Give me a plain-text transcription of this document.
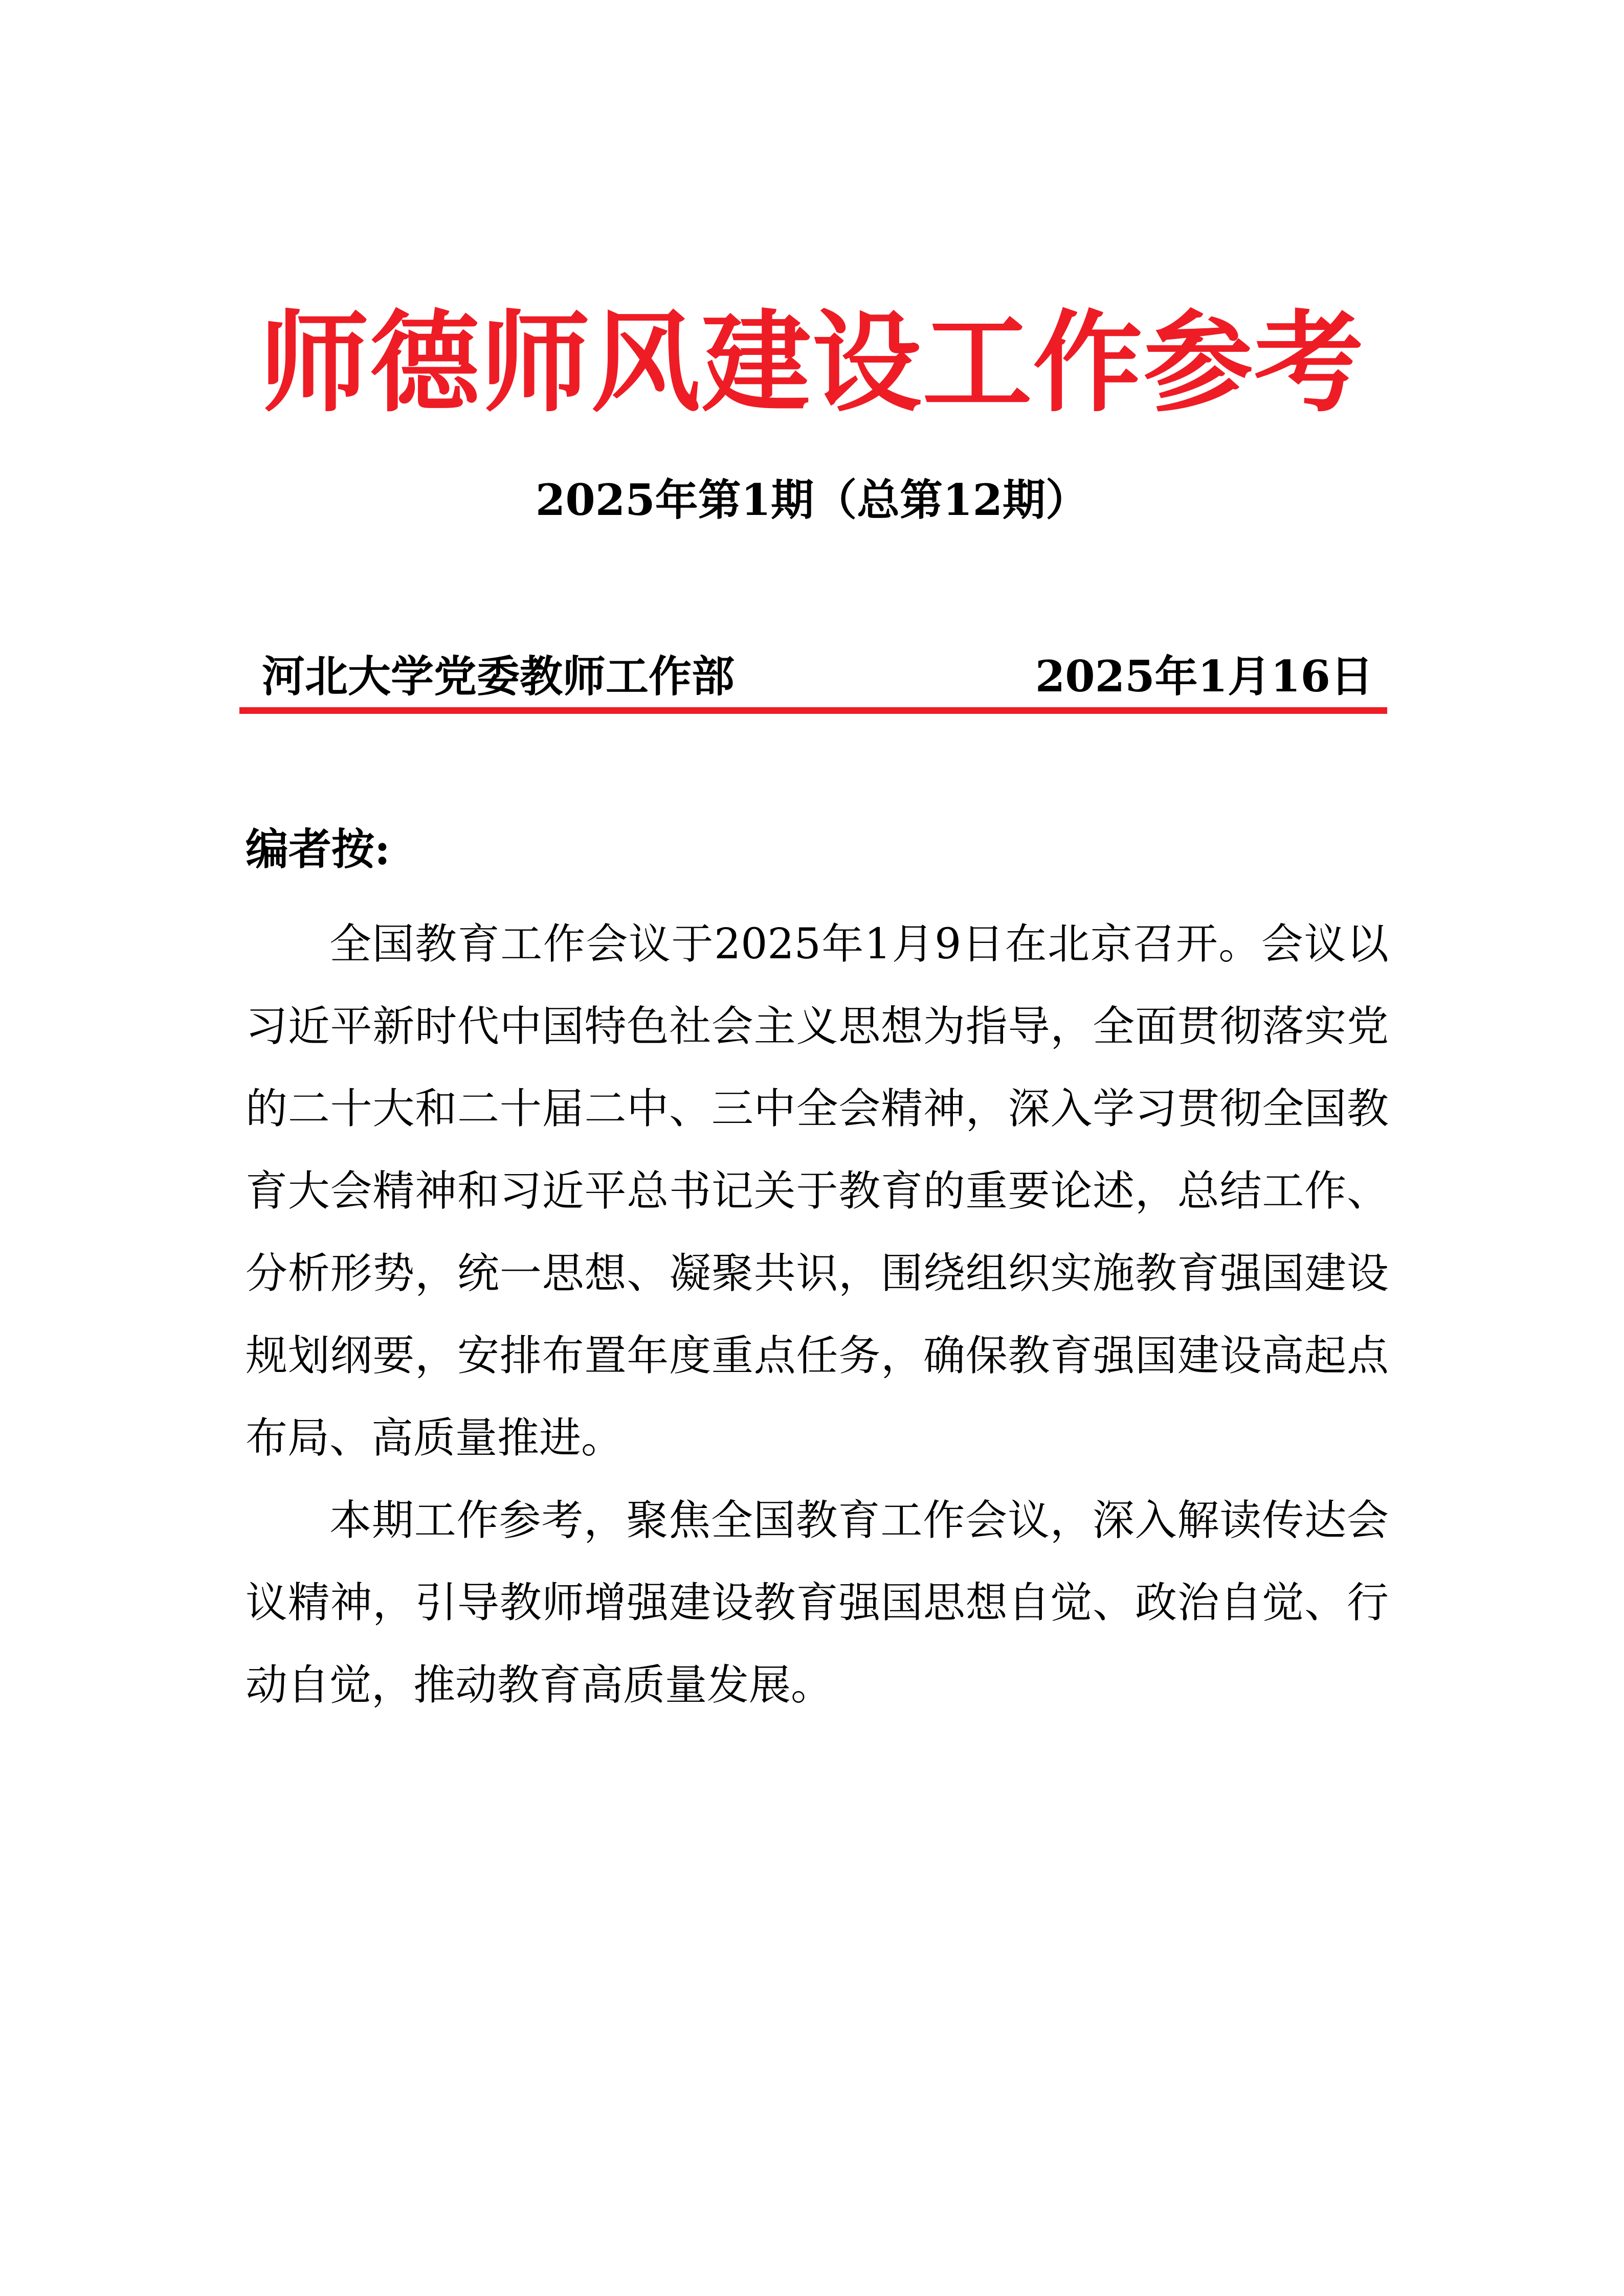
师德师风建设工作参考
2025年第1期（总第12期）
河北大学党委教师工作部	2025年1月16日
编者按:

全国教育工作会议于2025年1月9日在北京召开。会议以习近平新时代中国特色社会主义思想为指导，全面贯彻落实党的二十大和二十届二中、三中全会精神，深入学习贯彻全国教育大会精神和习近平总书记关于教育的重要论述，总结工作、分析形势，统一思想、凝聚共识，围绕组织实施教育强国建设规划纲要，安排布置年度重点任务，确保教育强国建设高起点布局、高质量推进。

本期工作参考，聚焦全国教育工作会议，深入解读传达会议精神，引导教师增强建设教育强国思想自觉、政治自觉、行动自觉，推动教育高质量发展。
